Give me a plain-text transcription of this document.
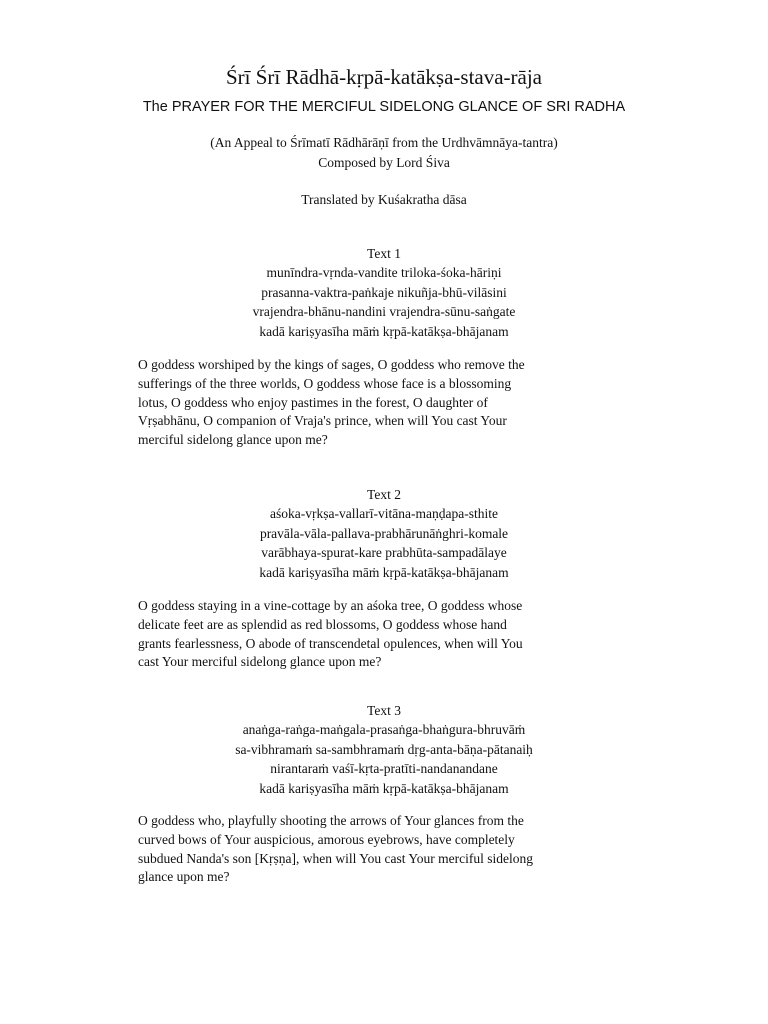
Śrī Śrī Rādhā-kṛpā-katākṣa-stava-rāja
The PRAYER FOR THE MERCIFUL SIDELONG GLANCE OF SRI RADHA
(An Appeal to Śrīmatī Rādhārāṇī from the Urdhvāmnāya-tantra)
Composed by Lord Śiva
Translated by Kuśakratha dāsa
Text 1
munīndra-vṛnda-vandite triloka-śoka-hāriṇi
prasanna-vaktra-paṅkaje nikuñja-bhū-vilāsini
vrajendra-bhānu-nandini vrajendra-sūnu-saṅgate
kadā kariṣyasīha māṁ kṛpā-katākṣa-bhājanam
O goddess worshiped by the kings of sages, O goddess who remove the
sufferings of the three worlds, O goddess whose face is a blossoming
lotus, O goddess who enjoy pastimes in the forest, O daughter of
Vṛṣabhānu, O companion of Vraja's prince, when will You cast Your
merciful sidelong glance upon me?
Text 2
aśoka-vṛkṣa-vallarī-vitāna-maṇḍapa-sthite
pravāla-vāla-pallava-prabhārunāṅghri-komale
varābhaya-spurat-kare prabhūta-sampadālaye
kadā kariṣyasīha māṁ kṛpā-katākṣa-bhājanam
O goddess staying in a vine-cottage by an aśoka tree, O goddess whose
delicate feet are as splendid as red blossoms, O goddess whose hand
grants fearlessness, O abode of transcendetal opulences, when will You
cast Your merciful sidelong glance upon me?
Text 3
anaṅga-raṅga-maṅgala-prasaṅga-bhaṅgura-bhruvāṁ
sa-vibhramaṁ sa-sambhramaṁ dṛg-anta-bāṇa-pātanaiḥ
nirantaraṁ vaśī-kṛta-pratīti-nandanandane
kadā kariṣyasīha māṁ kṛpā-katākṣa-bhājanam
O goddess who, playfully shooting the arrows of Your glances from the
curved bows of Your auspicious, amorous eyebrows, have completely
subdued Nanda's son [Kṛṣṇa], when will You cast Your merciful sidelong
glance upon me?
